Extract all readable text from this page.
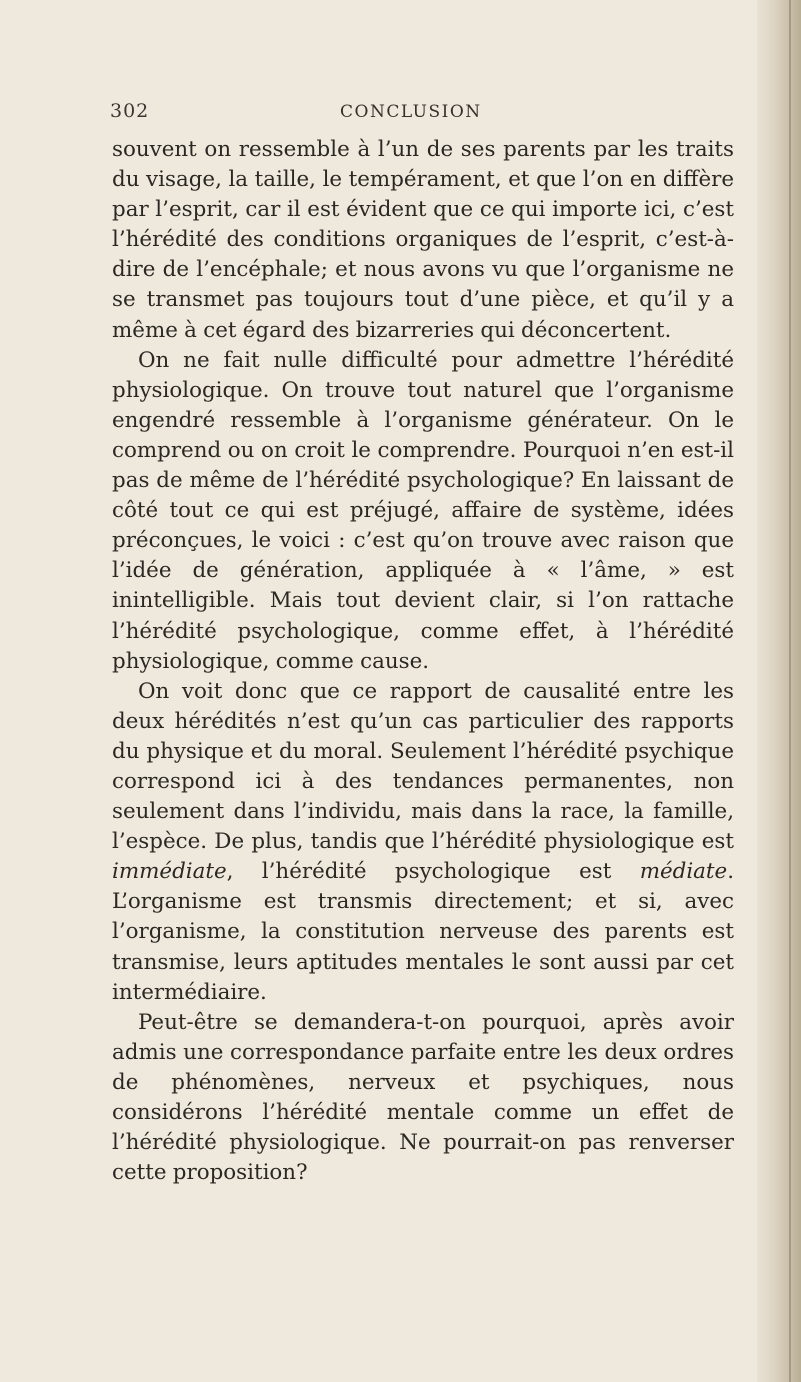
302	CONCLUSION

souvent on ressemble à l’un de ses parents par les traits du visage, la taille, le tempérament, et que l’on en diffère par l’esprit, car il est évident que ce qui importe ici, c’est l’hérédité des conditions organiques de l’esprit, c’est-à-dire de l’encéphale; et nous avons vu que l’organisme ne se transmet pas toujours tout d’une pièce, et qu’il y a même à cet égard des bizarreries qui déconcertent.

On ne fait nulle difficulté pour admettre l’hérédité physiologique. On trouve tout naturel que l’organisme engendré ressemble à l’organisme générateur. On le comprend ou on croit le comprendre. Pourquoi n’en est-il pas de même de l’hérédité psychologique? En laissant de côté tout ce qui est préjugé, affaire de système, idées préconçues, le voici : c’est qu’on trouve avec raison que l’idée de génération, appliquée à « l’âme, » est inintelligible. Mais tout devient clair, si l’on rattache l’hérédité psychologique, comme effet, à l’hérédité physiologique, comme cause.

On voit donc que ce rapport de causalité entre les deux hérédités n’est qu’un cas particulier des rapports du physique et du moral. Seulement l’hérédité psychique correspond ici à des tendances permanentes, non seulement dans l’individu, mais dans la race, la famille, l’espèce. De plus, tandis que l’hérédité physiologique est immédiate, l’hérédité psychologique est médiate. L’organisme est transmis directement; et si, avec l’organisme, la constitution nerveuse des parents est transmise, leurs aptitudes mentales le sont aussi par cet intermédiaire.

Peut-être se demandera-t-on pourquoi, après avoir admis une correspondance parfaite entre les deux ordres de phénomènes, nerveux et psychiques, nous considérons l’hérédité mentale comme un effet de l’hérédité physiologique. Ne pourrait-on pas renverser cette proposition?
